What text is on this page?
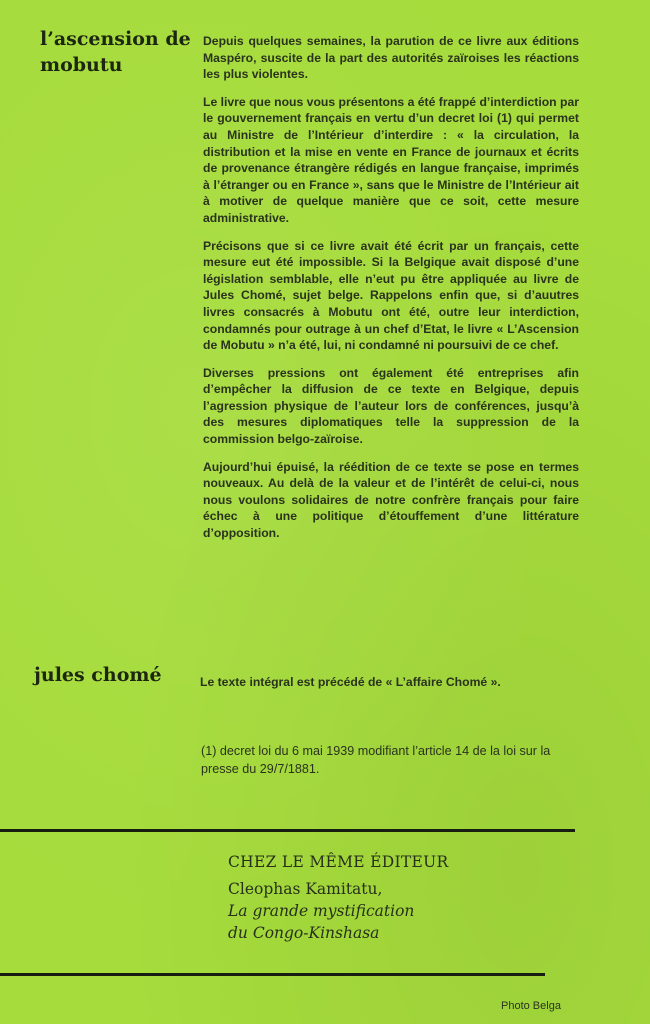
l’ascension de
mobutu

Depuis quelques semaines, la parution de ce livre aux éditions Maspéro, suscite de la part des autorités zaïroises les réactions les plus violentes.

Le livre que nous vous présentons a été frappé d’interdiction par le gouvernement français en vertu d’un decret loi (1) qui permet au Ministre de l’Intérieur d’interdire : « la circulation, la distribution et la mise en vente en France de journaux et écrits de provenance étrangère rédigés en langue française, imprimés à l’étranger ou en France », sans que le Ministre de l’Intérieur ait à motiver de quelque manière que ce soit, cette mesure administrative.

Précisons que si ce livre avait été écrit par un français, cette mesure eut été impossible. Si la Belgique avait disposé d’une législation semblable, elle n’eut pu être appliquée au livre de Jules Chomé, sujet belge. Rappelons enfin que, si d’auutres livres consacrés à Mobutu ont été, outre leur interdiction, condamnés pour outrage à un chef d’Etat, le livre « L’Ascension de Mobutu » n’a été, lui, ni condamné ni poursuivi de ce chef.

Diverses pressions ont également été entreprises afin d’empêcher la diffusion de ce texte en Belgique, depuis l’agression physique de l’auteur lors de conférences, jusqu’à des mesures diplomatiques telle la suppression de la commission belgo-zaïroise.

Aujourd’hui épuisé, la réédition de ce texte se pose en termes nouveaux. Au delà de la valeur et de l’intérêt de celui-ci, nous nous voulons solidaires de notre confrère français pour faire échec à une politique d’étouffement d’une littérature d’opposition.

jules chomé	Le texte intégral est précédé de « L’affaire Chomé ».

(1) decret loi du 6 mai 1939 modifiant l’article 14 de la loi sur la presse du 29/7/1881.

CHEZ LE MÊME ÉDITEUR

Cleophas Kamitatu,

La grande mystification

du Congo-Kinshasa

Photo Belga
